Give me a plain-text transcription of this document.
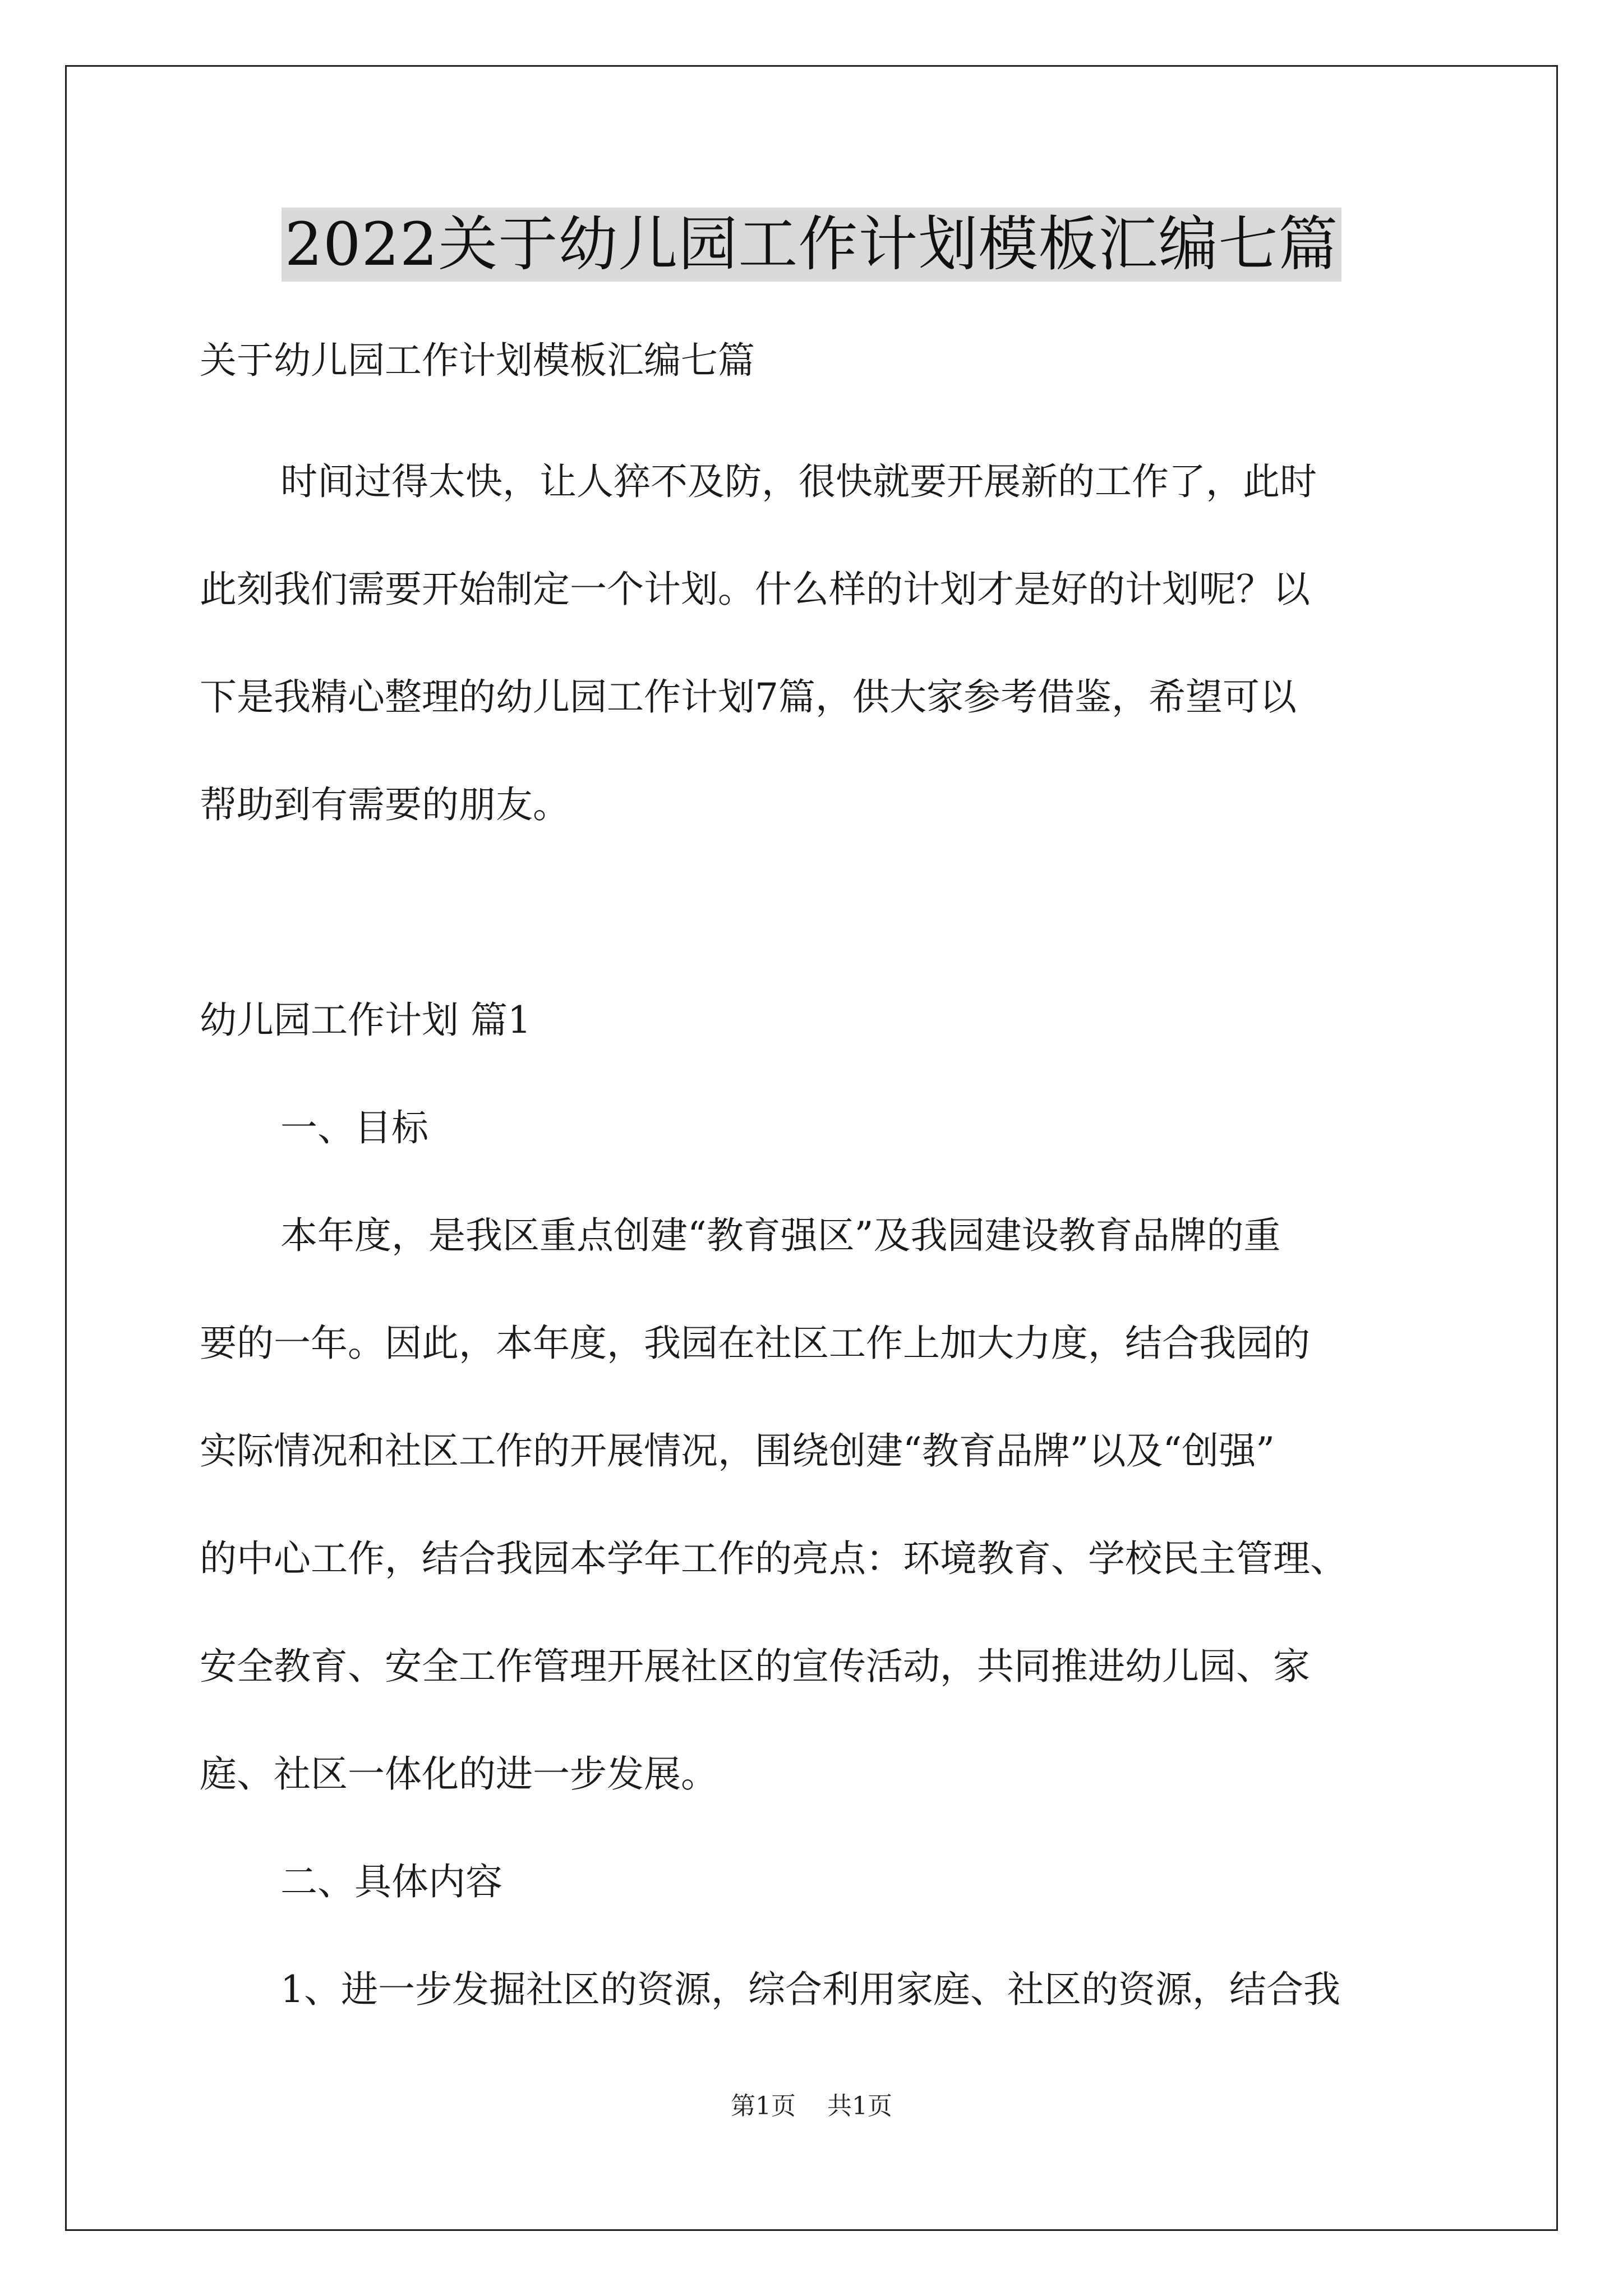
2022关于幼儿园工作计划模板汇编七篇
关于幼儿园工作计划模板汇编七篇
时间过得太快，让人猝不及防，很快就要开展新的工作了，此时
此刻我们需要开始制定一个计划。什么样的计划才是好的计划呢？以
下是我精心整理的幼儿园工作计划7篇，供大家参考借鉴，希望可以
帮助到有需要的朋友。
幼儿园工作计划 篇1
一、目标
本年度，是我区重点创建“教育强区”及我园建设教育品牌的重
要的一年。因此，本年度，我园在社区工作上加大力度，结合我园的
实际情况和社区工作的开展情况，围绕创建“教育品牌”以及“创强”
的中心工作，结合我园本学年工作的亮点：环境教育、学校民主管理、
安全教育、安全工作管理开展社区的宣传活动，共同推进幼儿园、家
庭、社区一体化的进一步发展。
二、具体内容
1、进一步发掘社区的资源，综合利用家庭、社区的资源，结合我
第1页    共1页
